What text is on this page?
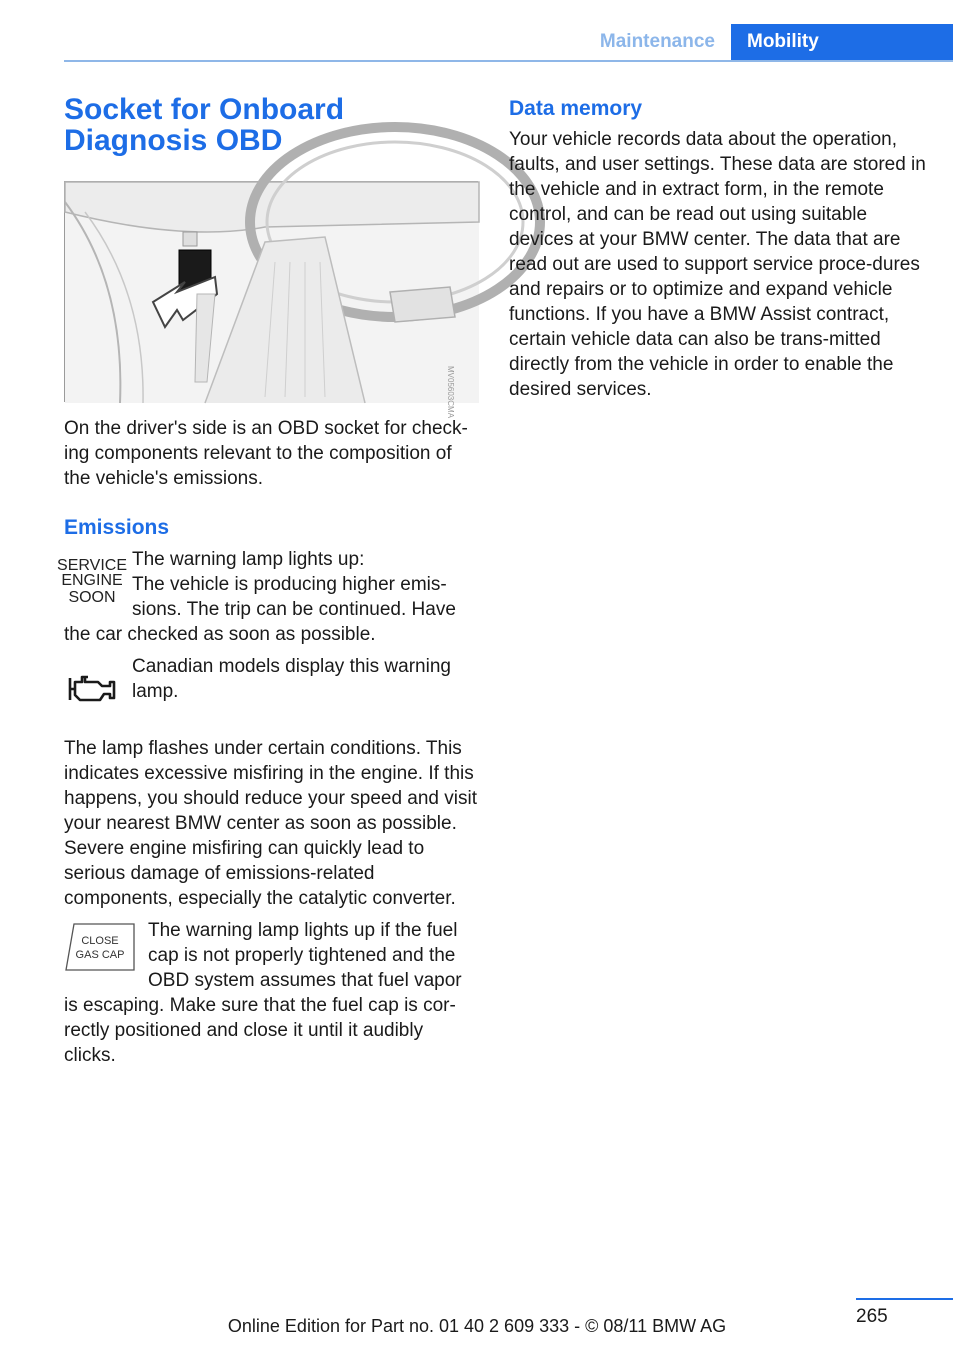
Maintenance	Mobility
Socket for Onboard Diagnosis OBD
MV05603CMA

On the driver's side is an OBD socket for check-ing components relevant to the composition of the vehicle's emissions.

Emissions
SERVICE
ENGINE
SOON

The warning lamp lights up:

The vehicle is producing higher emis-

sions. The trip can be continued. Have

the car checked as soon as possible.

Canadian models display this warning lamp.

The lamp flashes under certain conditions. This indicates excessive misfiring in the engine. If this happens, you should reduce your speed and visit your nearest BMW center as soon as possible. Severe engine misfiring can quickly lead to serious damage of emissions-related components, especially the catalytic converter.

CLOSE
GAS CAP

The warning lamp lights up if the fuel

cap is not properly tightened and the

OBD system assumes that fuel vapor

is escaping. Make sure that the fuel cap is cor-rectly positioned and close it until it audibly clicks.

Data memory

Your vehicle records data about the operation, faults, and user settings. These data are stored in the vehicle and in extract form, in the remote control, and can be read out using suitable devices at your BMW center. The data that are read out are used to support service proce-dures and repairs or to optimize and expand vehicle functions. If you have a BMW Assist contract, certain vehicle data can also be trans-mitted directly from the vehicle in order to enable the desired services.

Online Edition for Part no. 01 40 2 609 333 - © 08/11 BMW AG	265
